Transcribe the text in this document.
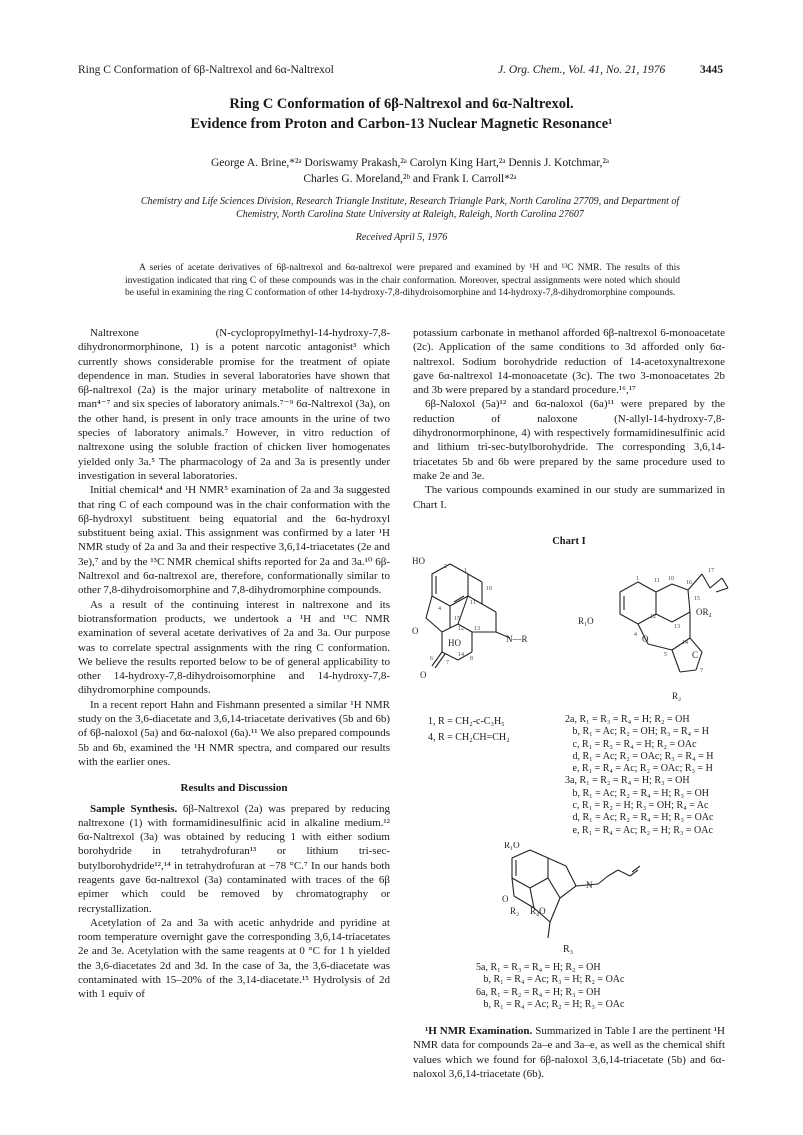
Ring C Conformation of 6β-Naltrexol and 6α-Naltrexol	J. Org. Chem., Vol. 41, No. 21, 1976	3445
Ring C Conformation of 6β-Naltrexol and 6α-Naltrexol.
Evidence from Proton and Carbon-13 Nuclear Magnetic Resonance¹
George A. Brine,*²ᵃ Doriswamy Prakash,²ᵃ Carolyn King Hart,²ᵃ Dennis J. Kotchmar,²ᵃ
Charles G. Moreland,²ᵇ and Frank I. Carroll*²ᵃ
Chemistry and Life Sciences Division, Research Triangle Institute, Research Triangle Park, North Carolina 27709, and Department of
Chemistry, North Carolina State University at Raleigh, Raleigh, North Carolina 27607
Received April 5, 1976

A series of acetate derivatives of 6β-naltrexol and 6α-naltrexol were prepared and examined by ¹H and ¹³C NMR. The results of this investigation indicated that ring C of these compounds was in the chair conformation. Moreover, spectral assignments were noted which should be useful in examining the ring C conformation of other 14-hydroxy-7,8-dihydroisomorphine and 14-hydroxy-7,8-dihydromorphine compounds.

Naltrexone (N-cyclopropylmethyl-14-hydroxy-7,8-dihydronormorphinone, 1) is a potent narcotic antagonist³ which currently shows considerable promise for the treatment of opiate dependence in man. Studies in several laboratories have shown that 6β-naltrexol (2a) is the major urinary metabolite of naltrexone in man⁴⁻⁷ and six species of laboratory animals.⁷⁻⁹ 6α-Naltrexol (3a), on the other hand, is present in only trace amounts in the urine of two species of laboratory animals.⁷ However, in vitro reduction of naltrexone using the soluble fraction of chicken liver homogenates yielded only 3a.⁵ The pharmacology of 2a and 3a is presently under investigation in several laboratories.

Initial chemical⁴ and ¹H NMR⁵ examination of 2a and 3a suggested that ring C of each compound was in the chair conformation with the 6β-hydroxyl substituent being equatorial and the 6α-hydroxyl substituent being axial. This assignment was confirmed by a later ¹H NMR study of 2a and 3a and their respective 3,6,14-triacetates (2e and 3e),⁷ and by the ¹³C NMR chemical shifts reported for 2a and 3a.¹⁰ 6β-Naltrexol and 6α-naltrexol are, therefore, conformationally similar to other 7,8-dihydroisomorphine and 7,8-dihydromorphine compounds.

As a result of the continuing interest in naltrexone and its biotransformation products, we undertook a ¹H and ¹³C NMR examination of several acetate derivatives of 2a and 3a. Our purpose was to correlate spectral assignments with the ring C conformation. We believe the results reported below to be of general applicability to other 14-hydroxy-7,8-dihydroisomorphine and 14-hydroxy-7,8-dihydromorphine compounds.

In a recent report Hahn and Fishmann presented a similar ¹H NMR study on the 3,6-diacetate and 3,6,14-triacetate derivatives (5b and 6b) of 6β-naloxol (5a) and 6α-naloxol (6a).¹¹ We also prepared compounds 5b and 6b, examined the ¹H NMR spectra, and compared our results with the earlier ones.

Results and Discussion

Sample Synthesis. 6β-Naltrexol (2a) was prepared by reducing naltrexone (1) with formamidinesulfinic acid in alkaline medium.¹² 6α-Naltrexol (3a) was obtained by reducing 1 with either sodium borohydride in tetrahydrofuran¹³ or lithium tri-sec-butylborohydride¹²,¹⁴ in tetrahydrofuran at −78 °C.⁷ In our hands both reagents gave 6α-naltrexol (3a) contaminated with traces of the 6β epimer which could be removed by chromatography or recrystallization.

Acetylation of 2a and 3a with acetic anhydride and pyridine at room temperature overnight gave the corresponding 3,6,14-triacetates 2e and 3e. Acetylation with the same reagents at 0 °C for 1 h yielded the 3,6-diacetates 2d and 3d. In the case of 3a, the 3,6-diacetate was contaminated with 15–20% of the 3,14-diacetate.¹⁵ Hydrolysis of 2d with 1 equiv of

potassium carbonate in methanol afforded 6β-naltrexol 6-monoacetate (2c). Application of the same conditions to 3d afforded only 6α-naltrexol. Sodium borohydride reduction of 14-acetoxynaltrexone gave 6α-naltrexol 14-monoacetate (3c). The two 3-monoacetates 2b and 3b were prepared by a standard procedure.¹⁶,¹⁷

6β-Naloxol (5a)¹² and 6α-naloxol (6a)¹¹ were prepared by the reduction of naloxone (N-allyl-14-hydroxy-7,8-dihydronormorphinone, 4) with respectively formamidinesulfinic acid and lithium tri-sec-butylborohydride. The corresponding 3,6,14-triacetates 5b and 6b were prepared by the same procedure used to make 2e and 3e.

The various compounds examined in our study are summarized in Chart I.

Chart I
HO
O
O
N—R
HO
R₁O
OR₄
R₂
C
O
1
11
10
12 13
15
14
8
7
6
4
2
1	11 10
16
17
15
13
14
12
4
5
7
1, R = CH₂-c-C₃H₅
4, R = CH₂CH=CH₂
2a, R₁ = R₃ = R₄ = H; R₂ = OH
b, R₁ = Ac; R₂ = OH; R₃ = R₄ = H
c, R₁ = R₃ = R₄ = H; R₂ = OAc
d, R₁ = Ac; R₂ = OAc; R₃ = R₄ = H
e, R₁ = R₄ = Ac; R₂ = OAc; R₃ = H
3a, R₁ = R₂ = R₄ = H; R₃ = OH
b, R₁ = Ac; R₂ = R₄ = H; R₃ = OH
c, R₁ = R₂ = H; R₃ = OH; R₄ = Ac
d, R₁ = Ac; R₂ = R₄ = H; R₃ = OAc
e, R₁ = R₄ = Ac; R₂ = H; R₃ = OAc
R₁O
O
N
R₂ R₄O
R₃
5a, R₁ = R₃ = R₄ = H; R₂ = OH
b, R₁ = R₄ = Ac; R₃ = H; R₂ = OAc
6a, R₁ = R₂ = R₄ = H; R₃ = OH
b, R₁ = R₄ = Ac; R₂ = H; R₃ = OAc

¹H NMR Examination. Summarized in Table I are the pertinent ¹H NMR data for compounds 2a–e and 3a–e, as well as the chemical shift values which we found for 6β-naloxol 3,6,14-triacetate (5b) and 6α-naloxol 3,6,14-triacetate (6b).
